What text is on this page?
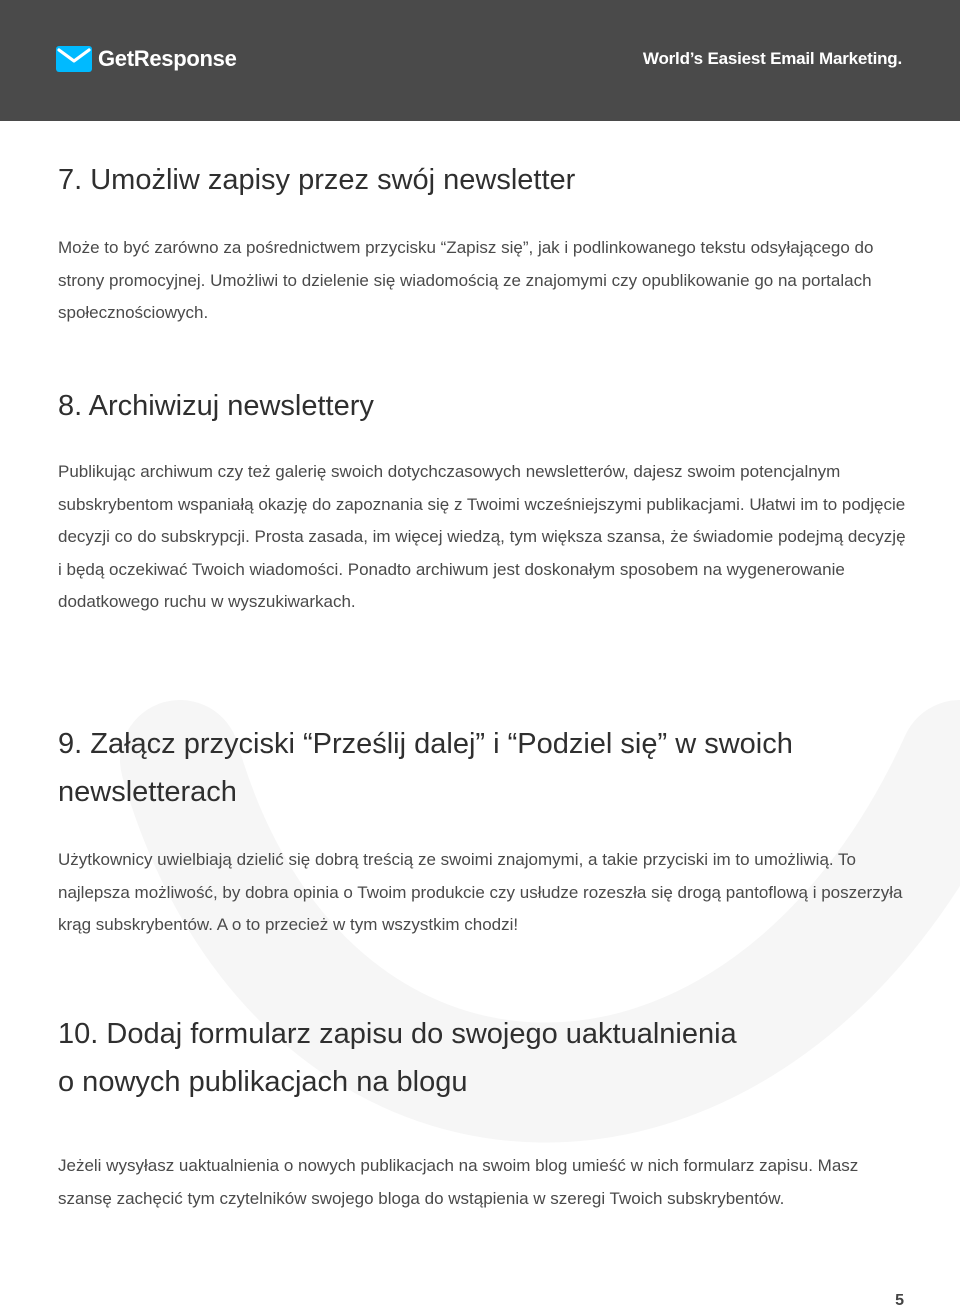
GetResponse	World’s Easiest Email Marketing.
7. Umożliw zapisy przez swój newsletter

Może to być zarówno za pośrednictwem przycisku “Zapisz się”, jak i podlinkowanego tekstu odsyłającego do strony promocyjnej. Umożliwi to dzielenie się wiadomością ze znajomymi czy opublikowanie go na portalach społecznościowych.

8. Archiwizuj newslettery

Publikując archiwum czy też galerię swoich dotychczasowych newsletterów, dajesz swoim potencjalnym subskrybentom wspaniałą okazję do zapoznania się z Twoimi wcześniejszymi publikacjami. Ułatwi im to podjęcie decyzji co do subskrypcji. Prosta zasada, im więcej wiedzą, tym większa szansa, że świadomie podejmą decyzję i będą oczekiwać Twoich wiadomości. Ponadto archiwum jest doskonałym sposobem na wygenerowanie dodatkowego ruchu w wyszukiwarkach.

9. Załącz przyciski “Prześlij dalej” i “Podziel się” w swoich
newsletterach

Użytkownicy uwielbiają dzielić się dobrą treścią ze swoimi znajomymi, a takie przyciski im to umożliwią. To najlepsza możliwość, by dobra opinia o Twoim produkcie czy usłudze rozeszła się drogą pantoflową i poszerzyła krąg subskrybentów. A o to przecież w tym wszystkim chodzi!

10. Dodaj formularz zapisu do swojego uaktualnienia
o nowych publikacjach na blogu

Jeżeli wysyłasz uaktualnienia o nowych publikacjach na swoim blog umieść w nich formularz zapisu. Masz szansę zachęcić tym czytelników swojego bloga do wstąpienia w szeregi Twoich subskrybentów.

5
